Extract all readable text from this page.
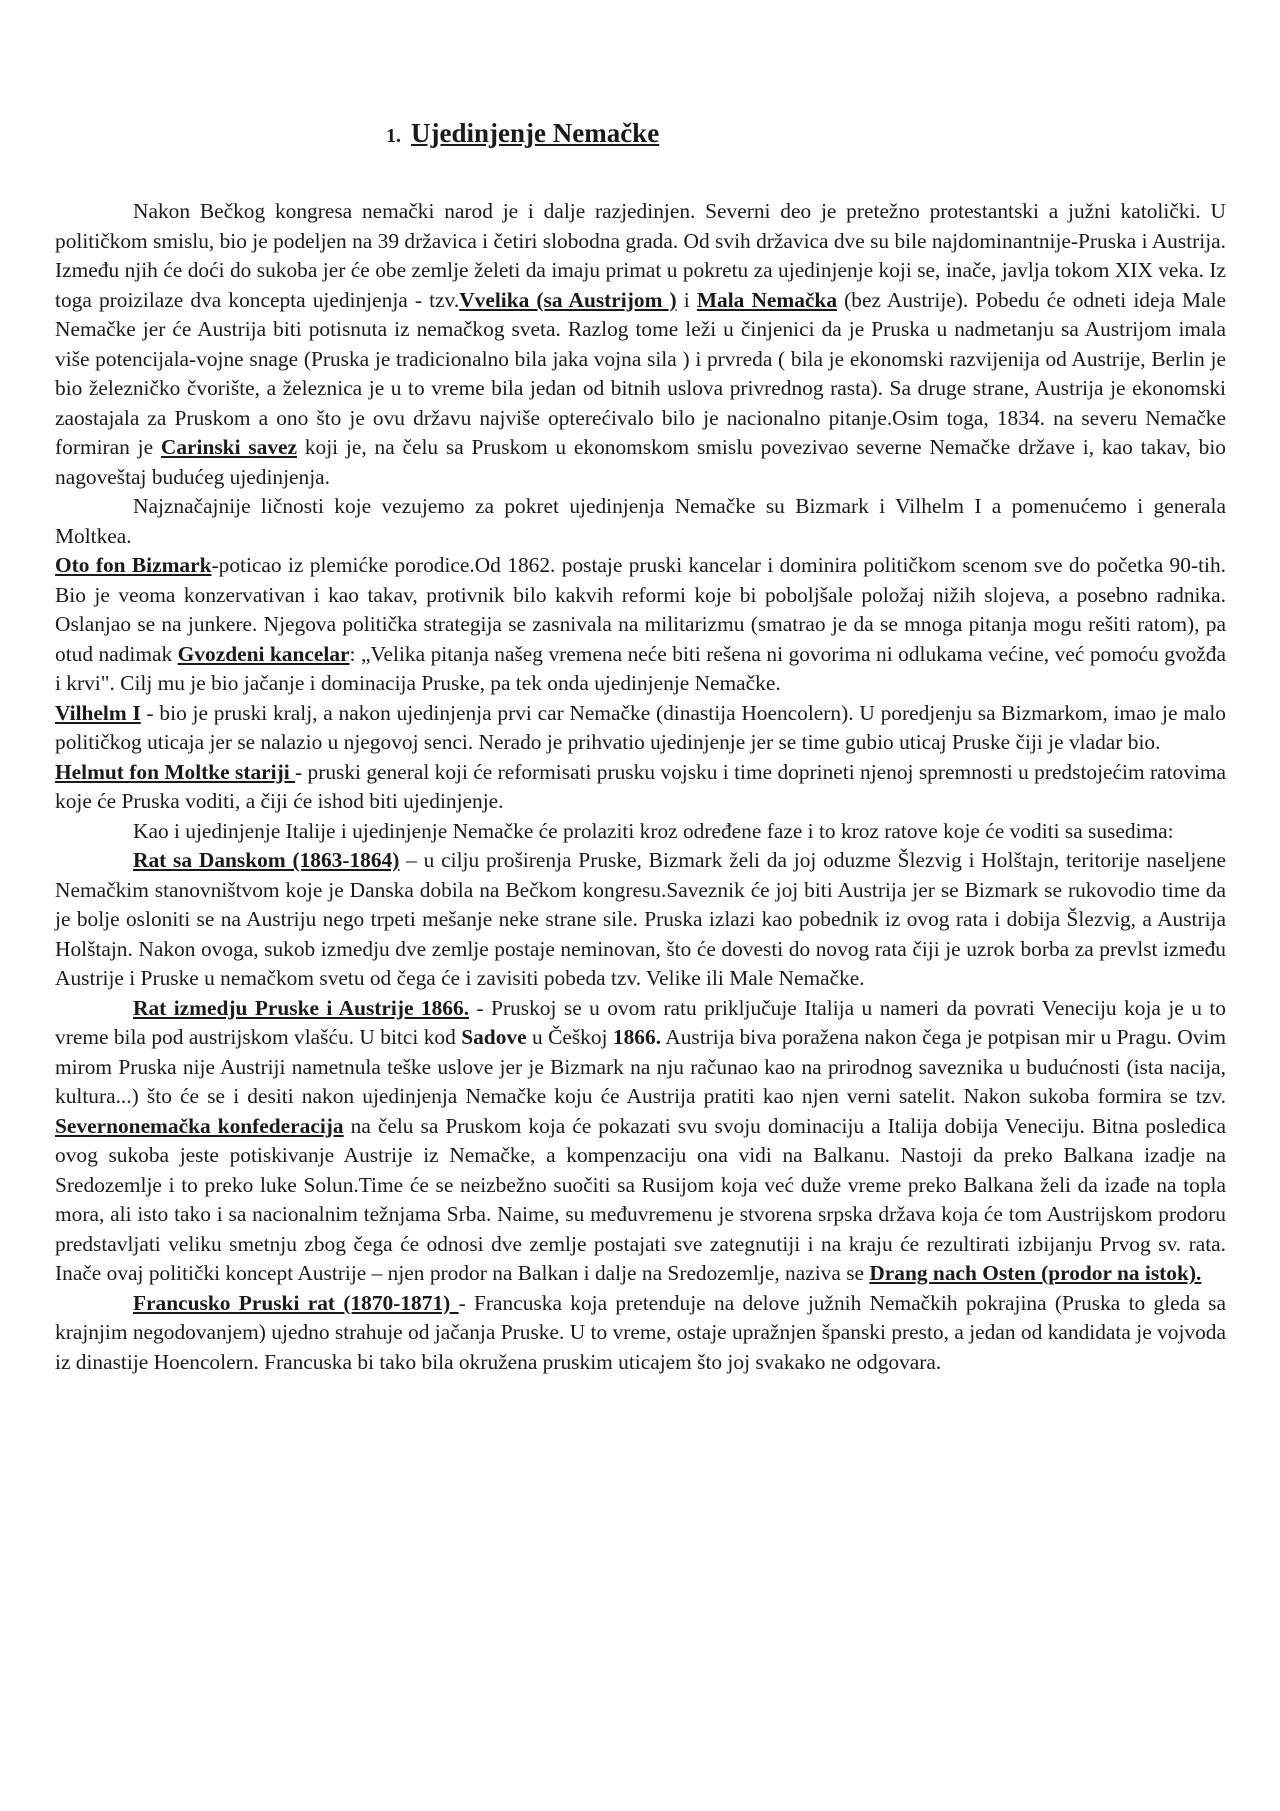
1. Ujedinjenje Nemačke

Nakon Bečkog kongresa nemački narod je i dalje razjedinjen. Severni deo je pretežno protestantski a južni katolički. U političkom smislu, bio je podeljen na 39 državica i četiri slobodna grada. Od svih državica dve su bile najdominantnije-Pruska i Austrija. Između njih će doći do sukoba jer će obe zemlje želeti da imaju primat u pokretu za ujedinjenje koji se, inače, javlja tokom XIX veka. Iz toga proizilaze dva koncepta ujedinjenja - tzv.Vvelika (sa Austrijom ) i Mala Nemačka (bez Austrije). Pobedu će odneti ideja Male Nemačke jer će Austrija biti potisnuta iz nemačkog sveta. Razlog tome leži u činjenici da je Pruska u nadmetanju sa Austrijom imala više potencijala-vojne snage (Pruska je tradicionalno bila jaka vojna sila ) i prvreda ( bila je ekonomski razvijenija od Austrije, Berlin je bio železničko čvorište, a železnica je u to vreme bila jedan od bitnih uslova privrednog rasta). Sa druge strane, Austrija je ekonomski zaostajala za Pruskom a ono što je ovu državu najviše opterećivalo bilo je nacionalno pitanje.Osim toga, 1834. na severu Nemačke formiran je Carinski savez koji je, na čelu sa Pruskom u ekonomskom smislu povezivao severne Nemačke države i, kao takav, bio nagoveštaj budućeg ujedinjenja.

Najznačajnije ličnosti koje vezujemo za pokret ujedinjenja Nemačke su Bizmark i Vilhelm I a pomenućemo i generala Moltkea.

Oto fon Bizmark-poticao iz plemićke porodice.Od 1862. postaje pruski kancelar i dominira političkom scenom sve do početka 90-tih. Bio je veoma konzervativan i kao takav, protivnik bilo kakvih reformi koje bi poboljšale položaj nižih slojeva, a posebno radnika. Oslanjao se na junkere. Njegova politička strategija se zasnivala na militarizmu (smatrao je da se mnoga pitanja mogu rešiti ratom), pa otud nadimak Gvozdeni kancelar: „Velika pitanja našeg vremena neće biti rešena ni govorima ni odlukama većine, već pomoću gvožđa i krvi". Cilj mu je bio jačanje i dominacija Pruske, pa tek onda ujedinjenje Nemačke.

Vilhelm I - bio je pruski kralj, a nakon ujedinjenja prvi car Nemačke (dinastija Hoencolern). U poredjenju sa Bizmarkom, imao je malo političkog uticaja jer se nalazio u njegovoj senci. Nerado je prihvatio ujedinjenje jer se time gubio uticaj Pruske čiji je vladar bio.

Helmut fon Moltke stariji - pruski general koji će reformisati prusku vojsku i time doprineti njenoj spremnosti u predstojećim ratovima koje će Pruska voditi, a čiji će ishod biti ujedinjenje.

Kao i ujedinjenje Italije i ujedinjenje Nemačke će prolaziti kroz određene faze i to kroz ratove koje će voditi sa susedima:

Rat sa Danskom (1863-1864) – u cilju proširenja Pruske, Bizmark želi da joj oduzme Šlezvig i Holštajn, teritorije naseljene Nemačkim stanovništvom koje je Danska dobila na Bečkom kongresu.Saveznik će joj biti Austrija jer se Bizmark se rukovodio time da je bolje osloniti se na Austriju nego trpeti mešanje neke strane sile. Pruska izlazi kao pobednik iz ovog rata i dobija Šlezvig, a Austrija Holštajn. Nakon ovoga, sukob izmedju dve zemlje postaje neminovan, što će dovesti do novog rata čiji je uzrok borba za prevlst između Austrije i Pruske u nemačkom svetu od čega će i zavisiti pobeda tzv. Velike ili Male Nemačke.

Rat izmedju Pruske i Austrije 1866. - Pruskoj se u ovom ratu priključuje Italija u nameri da povrati Veneciju koja je u to vreme bila pod austrijskom vlašću. U bitci kod Sadove u Češkoj 1866. Austrija biva poražena nakon čega je potpisan mir u Pragu. Ovim mirom Pruska nije Austriji nametnula teške uslove jer je Bizmark na nju računao kao na prirodnog saveznika u budućnosti (ista nacija, kultura...) što će se i desiti nakon ujedinjenja Nemačke koju će Austrija pratiti kao njen verni satelit. Nakon sukoba formira se tzv. Severnonemačka konfederacija na čelu sa Pruskom koja će pokazati svu svoju dominaciju a Italija dobija Veneciju. Bitna posledica ovog sukoba jeste potiskivanje Austrije iz Nemačke, a kompenzaciju ona vidi na Balkanu. Nastoji da preko Balkana izadje na Sredozemlje i to preko luke Solun.Time će se neizbežno suočiti sa Rusijom koja već duže vreme preko Balkana želi da izađe na topla mora, ali isto tako i sa nacionalnim težnjama Srba. Naime, su međuvremenu je stvorena srpska država koja će tom Austrijskom prodoru predstavljati veliku smetnju zbog čega će odnosi dve zemlje postajati sve zategnutiji i na kraju će rezultirati izbijanju Prvog sv. rata. Inače ovaj politički koncept Austrije – njen prodor na Balkan i dalje na Sredozemlje, naziva se Drang nach Osten (prodor na istok).

Francusko Pruski rat (1870-1871) - Francuska koja pretenduje na delove južnih Nemačkih pokrajina (Pruska to gleda sa krajnjim negodovanjem) ujedno strahuje od jačanja Pruske. U to vreme, ostaje upražnjen španski presto, a jedan od kandidata je vojvoda iz dinastije Hoencolern. Francuska bi tako bila okružena pruskim uticajem što joj svakako ne odgovara.
